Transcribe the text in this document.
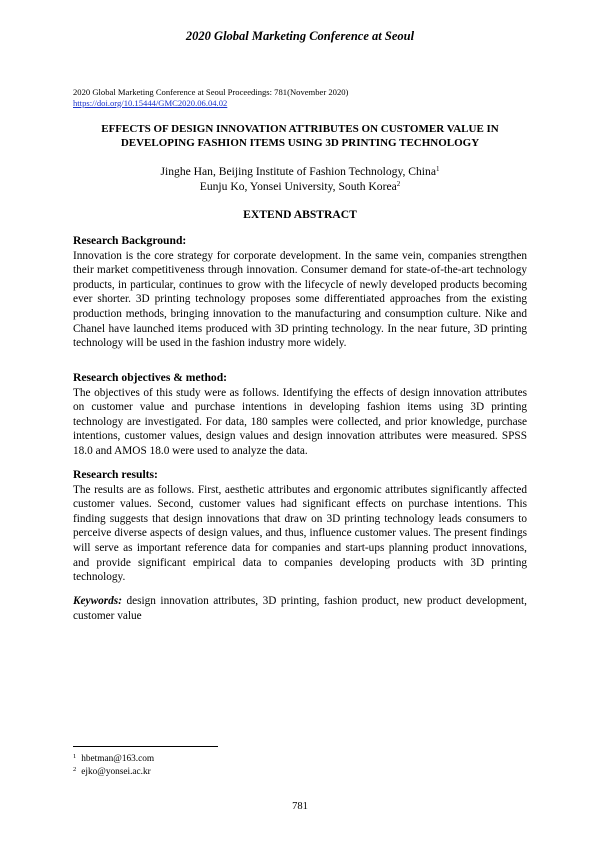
2020 Global Marketing Conference at Seoul
2020 Global Marketing Conference at Seoul Proceedings: 781(November 2020)
https://doi.org/10.15444/GMC2020.06.04.02
EFFECTS OF DESIGN INNOVATION ATTRIBUTES ON CUSTOMER VALUE IN
DEVELOPING FASHION ITEMS USING 3D PRINTING TECHNOLOGY
Jinghe Han, Beijing Institute of Fashion Technology, China$^1$
Eunju Ko, Yonsei University, South Korea$^2$
EXTEND ABSTRACT
Research Background:

Innovation is the core strategy for corporate development. In the same vein, companies strengthen their market competitiveness through innovation. Consumer demand for state-of-the-art technology products, in particular, continues to grow with the lifecycle of newly developed products becoming ever shorter. 3D printing technology proposes some differentiated approaches from the existing production methods, bringing innovation to the manufacturing and consumption culture. Nike and Chanel have launched items produced with 3D printing technology. In the near future, 3D printing technology will be used in the fashion industry more widely.

Research objectives & method:

The objectives of this study were as follows. Identifying the effects of design innovation attributes on customer value and purchase intentions in developing fashion items using 3D printing technology are investigated. For data, 180 samples were collected, and prior knowledge, purchase intentions, customer values, design values and design innovation attributes were measured. SPSS 18.0 and AMOS 18.0 were used to analyze the data.

Research results:

The results are as follows. First, aesthetic attributes and ergonomic attributes significantly affected customer values. Second, customer values had significant effects on purchase intentions. This finding suggests that design innovations that draw on 3D printing technology leads consumers to perceive diverse aspects of design values, and thus, influence customer values. The present findings will serve as important reference data for companies and start-ups planning product innovations, and provide significant empirical data to companies developing products with 3D printing technology.

Keywords: design innovation attributes, 3D printing, fashion product, new product development, customer value
$^1$ hbetman@163.com
$^2$ ejko@yonsei.ac.kr
781
